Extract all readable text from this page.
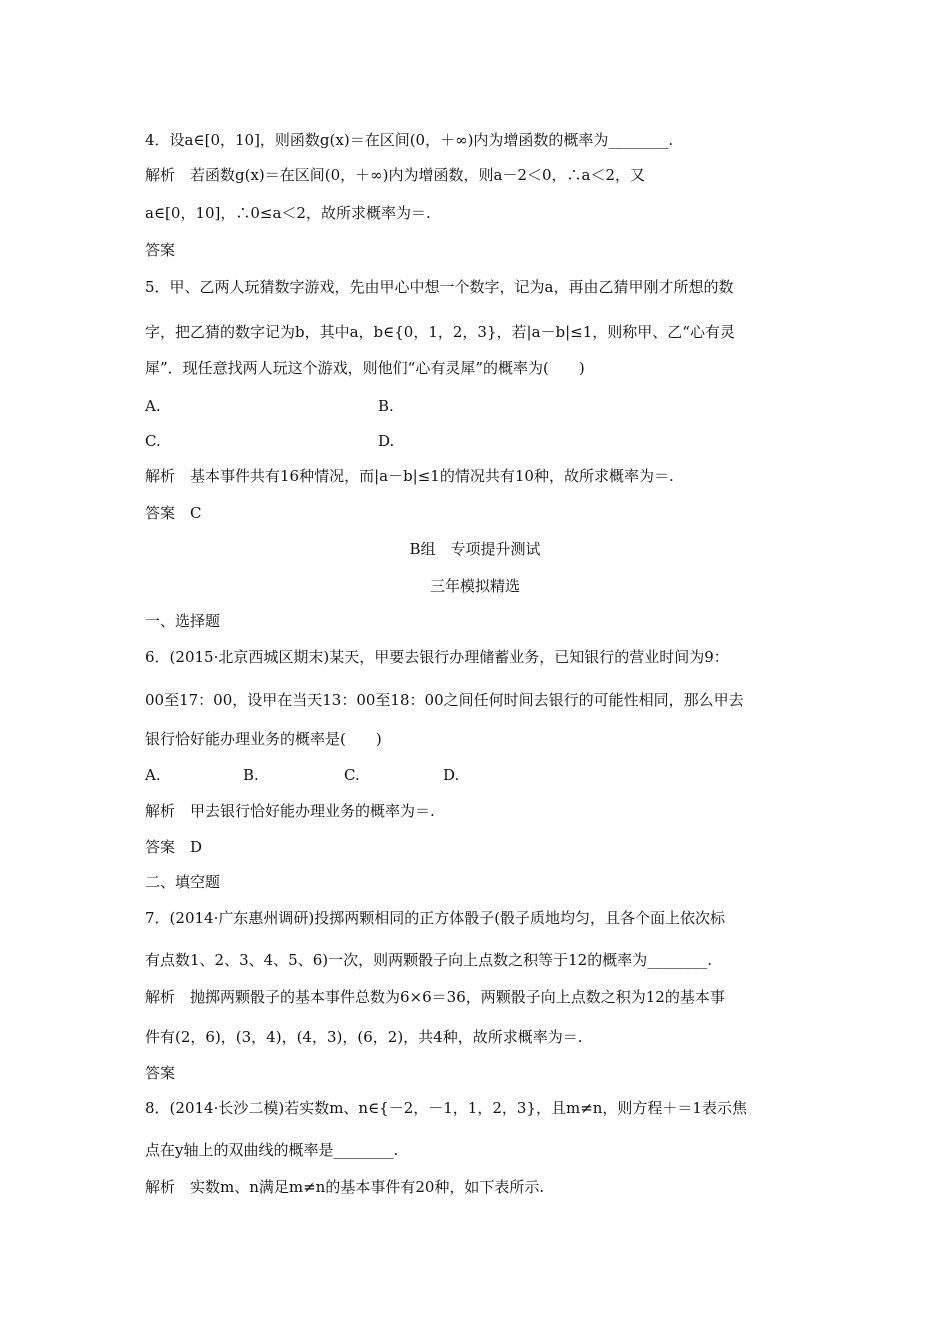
4．设a∈[0，10]，则函数g(x)＝在区间(0，＋∞)内为增函数的概率为________.
解析　若函数g(x)＝在区间(0，＋∞)内为增函数，则a－2＜0，∴a＜2，又
a∈[0，10]，∴0≤a＜2，故所求概率为＝.
答案
5．甲、乙两人玩猜数字游戏，先由甲心中想一个数字，记为a，再由乙猜甲刚才所想的数
字，把乙猜的数字记为b，其中a，b∈{0，1，2，3}，若|a－b|≤1，则称甲、乙“心有灵
犀”．现任意找两人玩这个游戏，则他们“心有灵犀”的概率为(　　)
A.	B.
C.	D.
解析　基本事件共有16种情况，而|a－b|≤1的情况共有10种，故所求概率为＝.
答案　C
B组　专项提升测试
三年模拟精选
一、选择题
6．(2015·北京西城区期末)某天，甲要去银行办理储蓄业务，已知银行的营业时间为9：
00至17：00，设甲在当天13：00至18：00之间任何时间去银行的可能性相同，那么甲去
银行恰好能办理业务的概率是(　　)
A.	B.	C.	D.
解析　甲去银行恰好能办理业务的概率为＝.
答案　D
二、填空题
7．(2014·广东惠州调研)投掷两颗相同的正方体骰子(骰子质地均匀，且各个面上依次标
有点数1、2、3、4、5、6)一次，则两颗骰子向上点数之积等于12的概率为________.
解析　抛掷两颗骰子的基本事件总数为6×6＝36，两颗骰子向上点数之积为12的基本事
件有(2，6)，(3，4)，(4，3)，(6，2)，共4种，故所求概率为＝.
答案
8．(2014·长沙二模)若实数m、n∈{－2，－1，1，2，3}，且m≠n，则方程＋＝1表示焦
点在y轴上的双曲线的概率是________.
解析　实数m、n满足m≠n的基本事件有20种，如下表所示.
